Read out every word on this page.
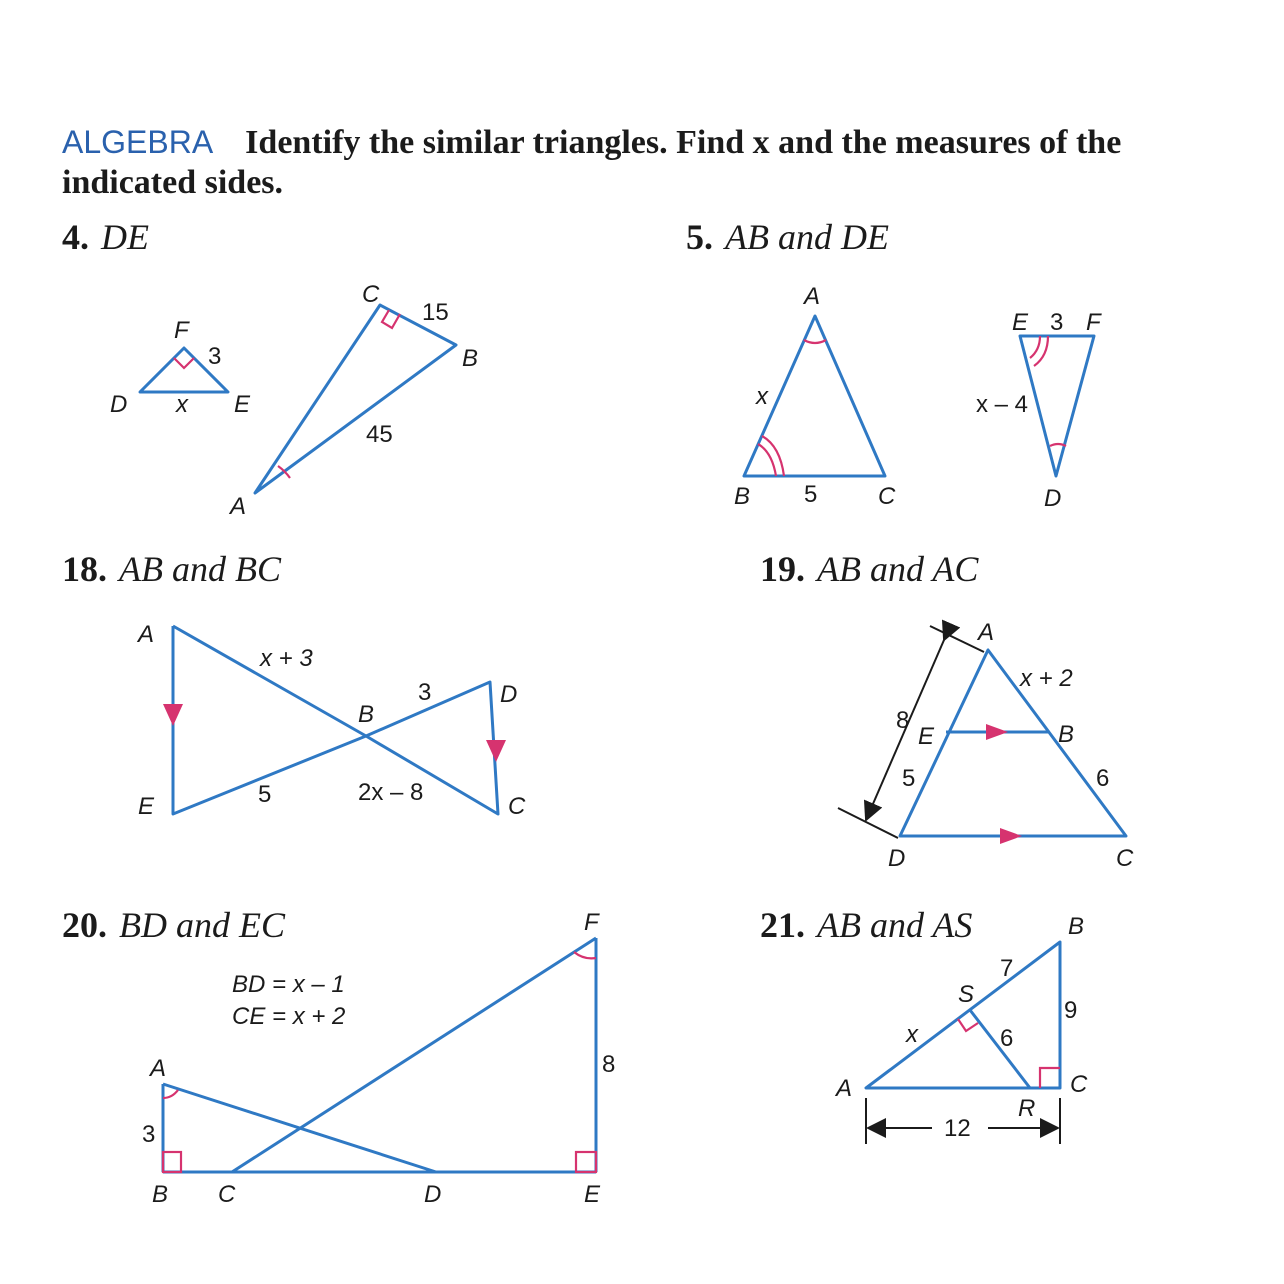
ALGEBRA Identify the similar triangles. Find x and the measures of the
indicated sides.
4. DE	5. AB and DE
18. AB and BC	19. AB and AC
20. BD and EC	21. AB and AS
F
3
D x E
C
15
B
45
A
A
x
B 5	C
E 3 F
x – 4
D
A
x + 3
B
3	D
E	5	2x – 8
C
A
x + 2
8
E	B
5	6
D	C
BD = x – 1
CE = x + 2
A
3
B C	D	E
F
8
B
7
S
9
x	6
A	C
R
12
